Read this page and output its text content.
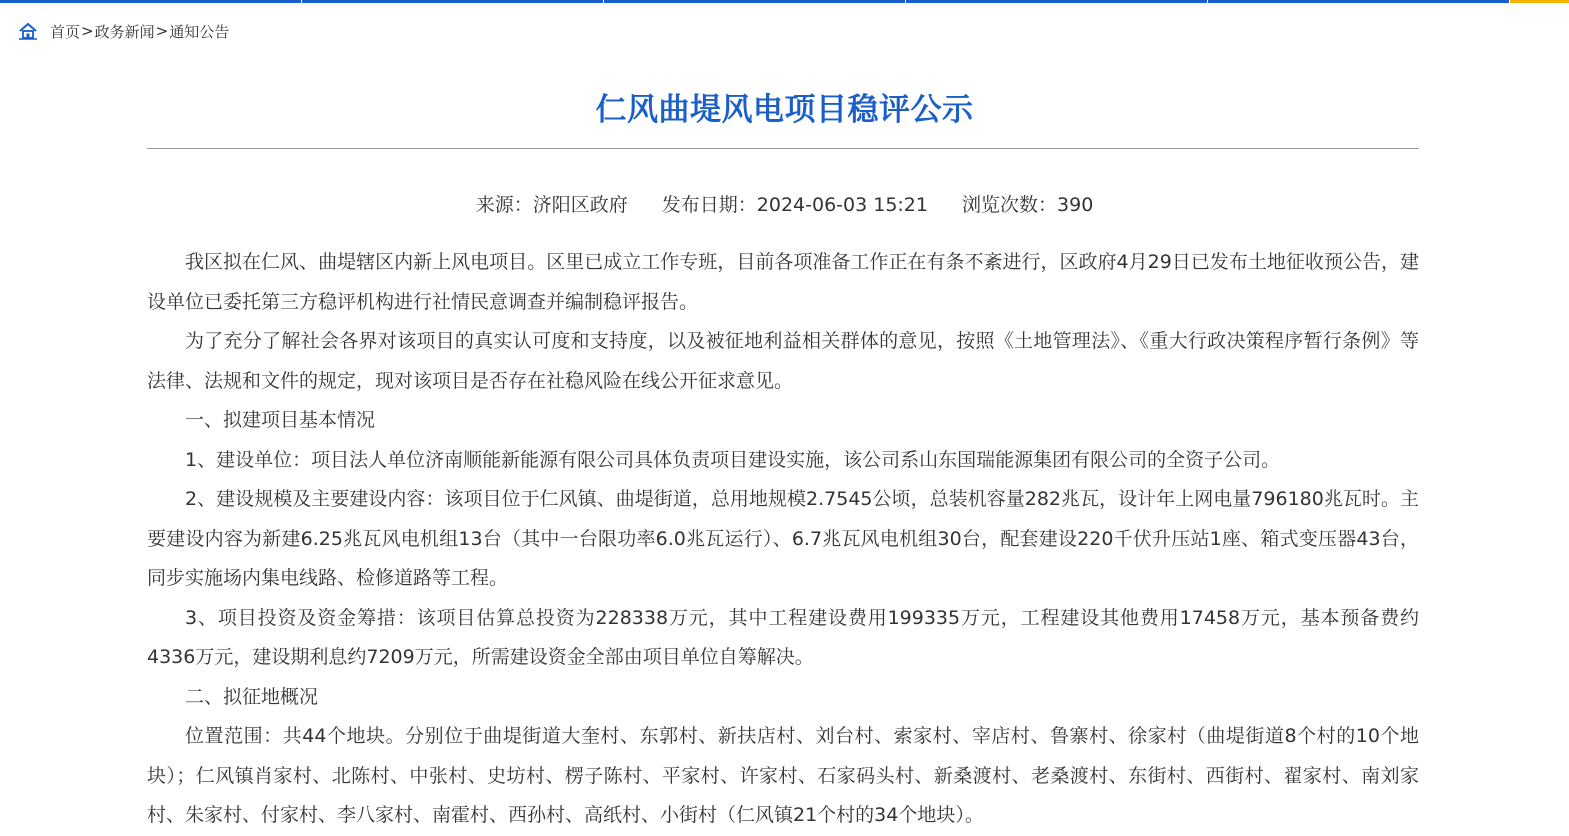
首页 > 政务新闻 > 通知公告
仁风曲堤风电项目稳评公示
来源：济阳区政府 发布日期：2024-06-03 15:21 浏览次数：390

我区拟在仁风、曲堤辖区内新上风电项目。区里已成立工作专班，目前各项准备工作正在有条不紊进行，区政府4月29日已发布土地征收预公告，建设单位已委托第三方稳评机构进行社情民意调查并编制稳评报告。

为了充分了解社会各界对该项目的真实认可度和支持度，以及被征地利益相关群体的意见，按照《土地管理法》、《重大行政决策程序暂行条例》等法律、法规和文件的规定，现对该项目是否存在社稳风险在线公开征求意见。

一、拟建项目基本情况

1、建设单位：项目法人单位济南顺能新能源有限公司具体负责项目建设实施，该公司系山东国瑞能源集团有限公司的全资子公司。

2、建设规模及主要建设内容：该项目位于仁风镇、曲堤街道，总用地规模2.7545公顷，总装机容量282兆瓦，设计年上网电量796180兆瓦时。主要建设内容为新建6.25兆瓦风电机组13台（其中一台限功率6.0兆瓦运行）、6.7兆瓦风电机组30台，配套建设220千伏升压站1座、箱式变压器43台，同步实施场内集电线路、检修道路等工程。

3、项目投资及资金筹措：该项目估算总投资为228338万元，其中工程建设费用199335万元，工程建设其他费用17458万元，基本预备费约4336万元，建设期利息约7209万元，所需建设资金全部由项目单位自筹解决。

二、拟征地概况

位置范围：共44个地块。分别位于曲堤街道大奎村、东郭村、新扶店村、刘台村、索家村、宰店村、鲁寨村、徐家村（曲堤街道8个村的10个地块）；仁风镇肖家村、北陈村、中张村、史坊村、楞子陈村、平家村、许家村、石家码头村、新桑渡村、老桑渡村、东街村、西街村、翟家村、南刘家村、朱家村、付家村、李八家村、南霍村、西孙村、高纸村、小街村（仁风镇21个村的34个地块）。
